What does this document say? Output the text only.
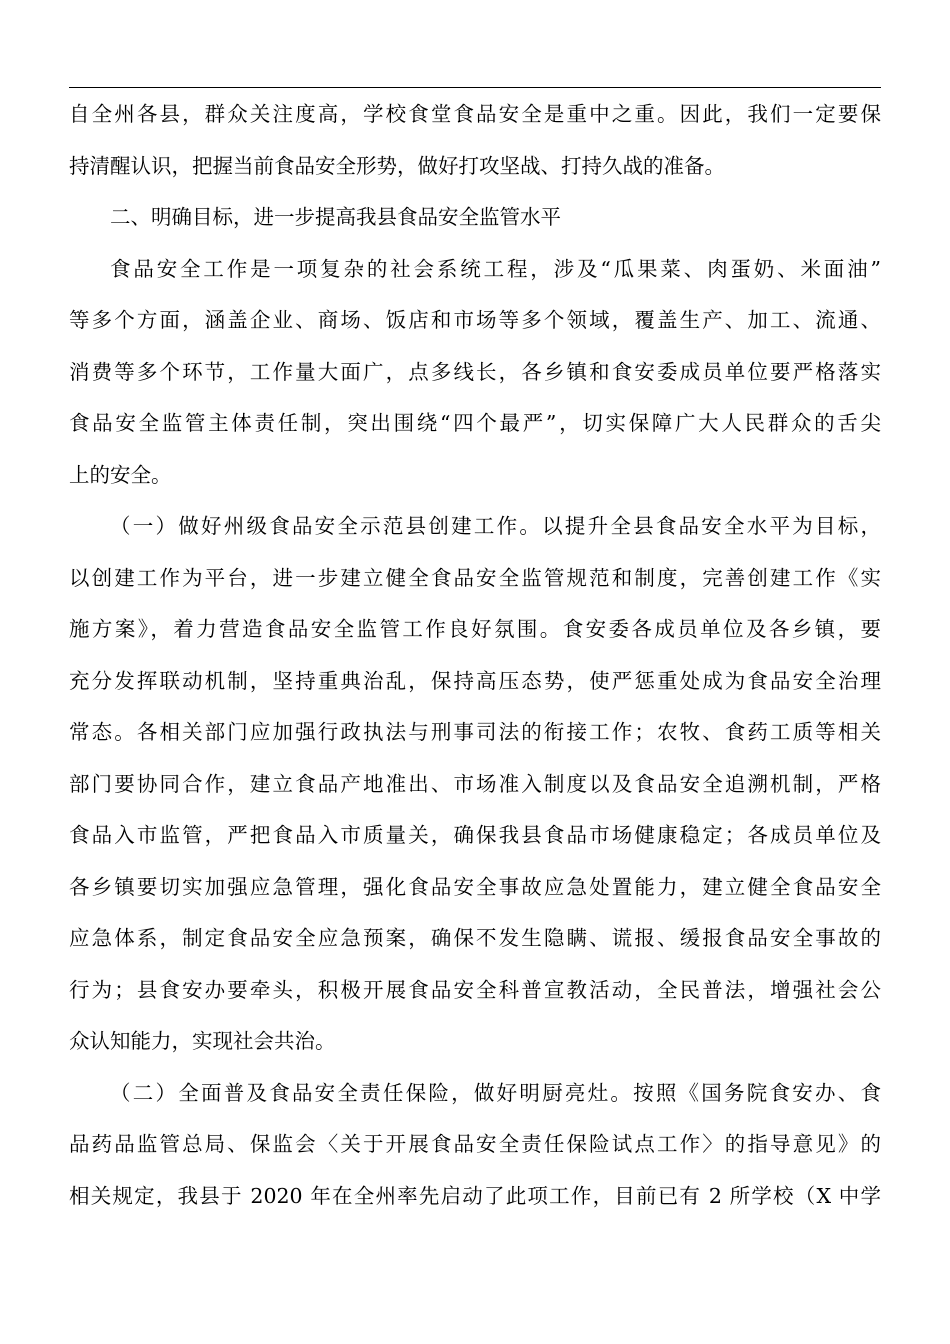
自全州各县，群众关注度高，学校食堂食品安全是重中之重。因此，我们一定要保
持清醒认识，把握当前食品安全形势，做好打攻坚战、打持久战的准备。
二、明确目标，进一步提高我县食品安全监管水平
食品安全工作是一项复杂的社会系统工程，涉及“瓜果菜、肉蛋奶、米面油”
等多个方面，涵盖企业、商场、饭店和市场等多个领域，覆盖生产、加工、流通、
消费等多个环节，工作量大面广，点多线长，各乡镇和食安委成员单位要严格落实
食品安全监管主体责任制，突出围绕“四个最严”，切实保障广大人民群众的舌尖
上的安全。
（一）做好州级食品安全示范县创建工作。以提升全县食品安全水平为目标，
以创建工作为平台，进一步建立健全食品安全监管规范和制度，完善创建工作《实
施方案》，着力营造食品安全监管工作良好氛围。食安委各成员单位及各乡镇，要
充分发挥联动机制，坚持重典治乱，保持高压态势，使严惩重处成为食品安全治理
常态。各相关部门应加强行政执法与刑事司法的衔接工作；农牧、食药工质等相关
部门要协同合作，建立食品产地准出、市场准入制度以及食品安全追溯机制，严格
食品入市监管，严把食品入市质量关，确保我县食品市场健康稳定；各成员单位及
各乡镇要切实加强应急管理，强化食品安全事故应急处置能力，建立健全食品安全
应急体系，制定食品安全应急预案，确保不发生隐瞒、谎报、缓报食品安全事故的
行为；县食安办要牵头，积极开展食品安全科普宣教活动，全民普法，增强社会公
众认知能力，实现社会共治。
（二）全面普及食品安全责任保险，做好明厨亮灶。按照《国务院食安办、食
品药品监管总局、保监会〈关于开展食品安全责任保险试点工作〉的指导意见》的
相关规定，我县于 2020 年在全州率先启动了此项工作，目前已有 2 所学校（X 中学
